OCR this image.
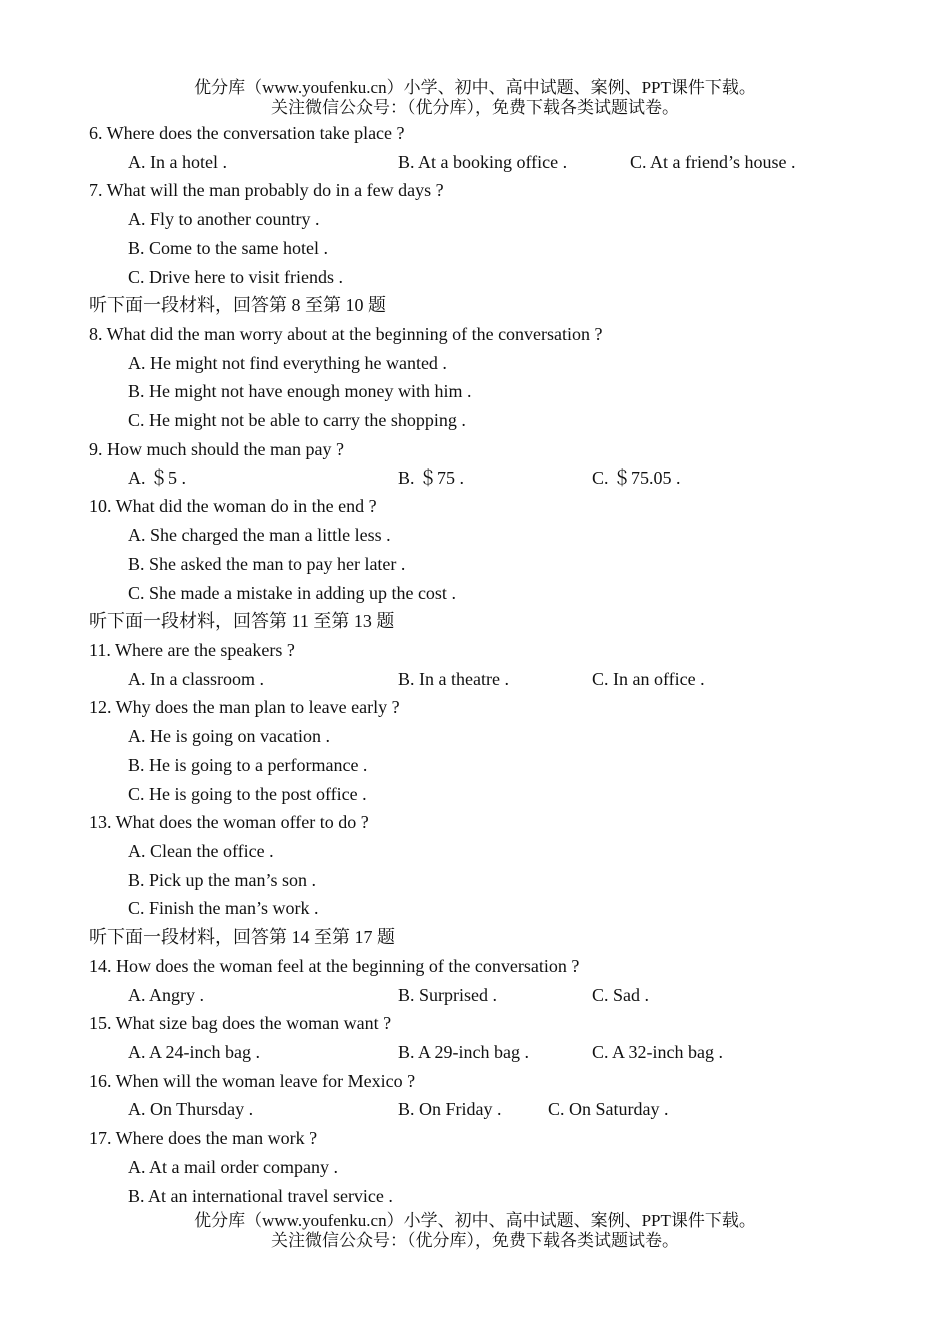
优分库（www.youfenku.cn）小学、初中、高中试题、案例、PPT课件下载。
关注微信公众号：（优分库），免费下载各类试题试卷。
6. Where does the conversation take place ?
A. In a hotel .	B. At a booking office .	C. At a friend’s house .
7. What will the man probably do in a few days ?
A. Fly to another country .
B. Come to the same hotel .
C. Drive here to visit friends .
听下面一段材料，回答第 8 至第 10 题
8. What did the man worry about at the beginning of the conversation ?
A. He might not find everything he wanted .
B. He might not have enough money with him .
C. He might not be able to carry the shopping .
9. How much should the man pay ?
A. ＄5 .	B. ＄75 .	C. ＄75.05 .
10. What did the woman do in the end ?
A. She charged the man a little less .
B. She asked the man to pay her later .
C. She made a mistake in adding up the cost .
听下面一段材料，回答第 11 至第 13 题
11. Where are the speakers ?
A. In a classroom .	B. In a theatre .	C. In an office .
12. Why does the man plan to leave early ?
A. He is going on vacation .
B. He is going to a performance .
C. He is going to the post office .
13. What does the woman offer to do ?
A. Clean the office .
B. Pick up the man’s son .
C. Finish the man’s work .
听下面一段材料，回答第 14 至第 17 题
14. How does the woman feel at the beginning of the conversation ?
A. Angry .	B. Surprised .	C. Sad .
15. What size bag does the woman want ?
A. A 24-inch bag .	B. A 29-inch bag .	C. A 32-inch bag .
16. When will the woman leave for Mexico ?
A. On Thursday .	B. On Friday .	C. On Saturday .
17. Where does the man work ?
A. At a mail order company .
B. At an international travel service .
优分库（www.youfenku.cn）小学、初中、高中试题、案例、PPT课件下载。
关注微信公众号：（优分库），免费下载各类试题试卷。
